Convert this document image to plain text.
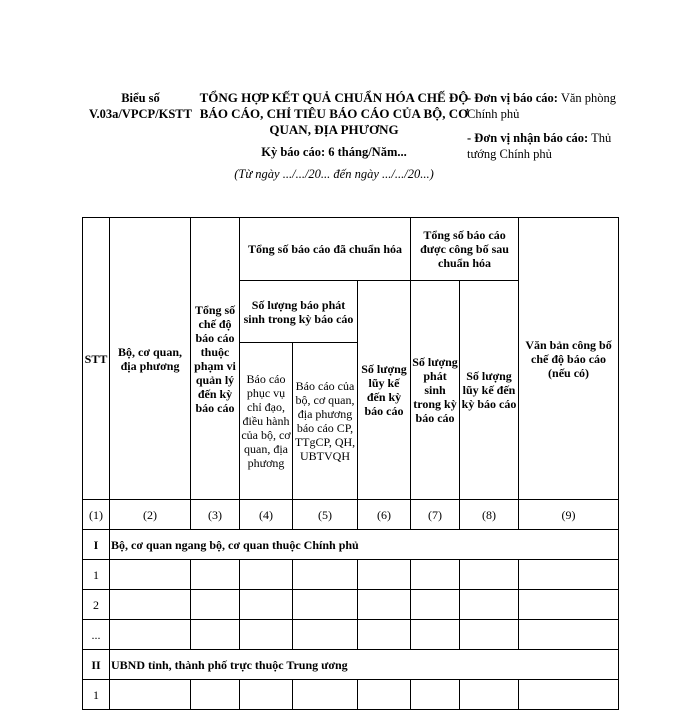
Biểu số V.03a/VPCP/KSTT
TỔNG HỢP KẾT QUẢ CHUẨN HÓA CHẾ ĐỘ BÁO CÁO, CHỈ TIÊU BÁO CÁO CỦA BỘ, CƠ QUAN, ĐỊA PHƯƠNG
Kỳ báo cáo: 6 tháng/Năm...
(Từ ngày .../.../20... đến ngày .../.../20...)
- Đơn vị báo cáo: Văn phòng Chính phủ
- Đơn vị nhận báo cáo: Thủ tướng Chính phủ
STT	Bộ, cơ quan, địa phương	Tổng số chế độ báo cáo thuộc phạm vi quản lý đến kỳ báo cáo	Tổng số báo cáo đã chuẩn hóa			Tổng số báo cáo được công bố sau chuẩn hóa		Văn bản công bố chế độ báo cáo (nếu có)
			Số lượng báo phát sinh trong kỳ báo cáo		Số lượng lũy kế đến kỳ báo cáo	Số lượng phát sinh trong kỳ báo cáo	Số lượng lũy kế đến kỳ báo cáo	
			Báo cáo phục vụ chỉ đạo, điều hành của bộ, cơ quan, địa phương	Báo cáo của bộ, cơ quan, địa phương báo cáo CP, TTgCP, QH, UBTVQH				
(1)	(2)	(3)	(4)	(5)	(6)	(7)	(8)	(9)
I	Bộ, cơ quan ngang bộ, cơ quan thuộc Chính phủ							
1								
2								
...								
II	UBND tỉnh, thành phố trực thuộc Trung ương							
1								
